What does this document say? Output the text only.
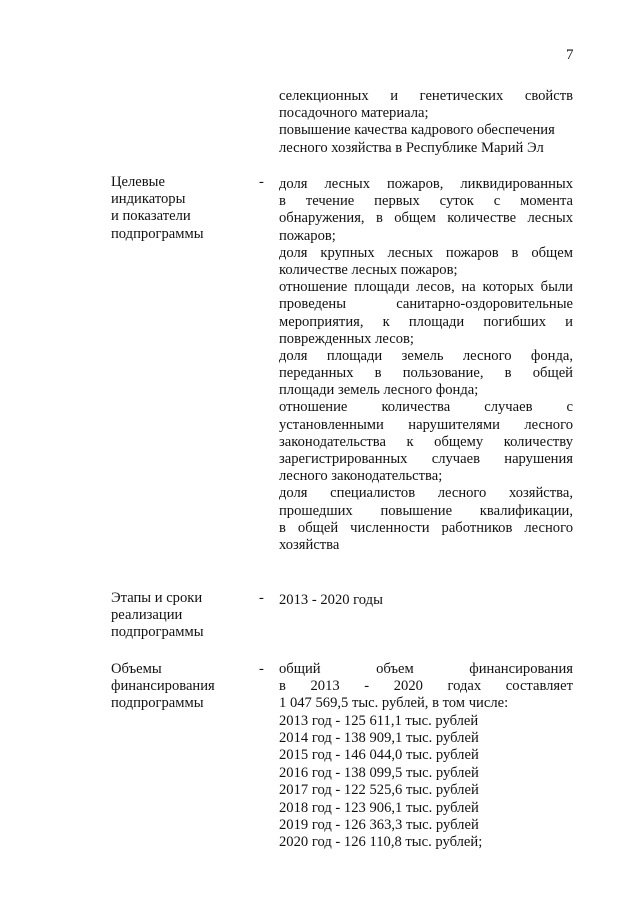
7
селекционных и генетических свойств
посадочного материала;
повышение качества кадрового обеспечения
лесного хозяйства в Республике Марий Эл
Целевые
индикаторы
и показатели
подпрограммы
- доля лесных пожаров, ликвидированных
в течение первых суток с момента
обнаружения, в общем количестве лесных
пожаров;
доля крупных лесных пожаров в общем
количестве лесных пожаров;
отношение площади лесов, на которых были
проведены санитарно-оздоровительные
мероприятия, к площади погибших и
поврежденных лесов;
доля площади земель лесного фонда,
переданных в пользование, в общей
площади земель лесного фонда;
отношение количества случаев с
установленными нарушителями лесного
законодательства к общему количеству
зарегистрированных случаев нарушения
лесного законодательства;
доля специалистов лесного хозяйства,
прошедших повышение квалификации,
в общей численности работников лесного
хозяйства
Этапы и сроки
реализации
подпрограммы
- 2013 - 2020 годы
Объемы
финансирования
подпрограммы
- общий объем финансирования
в 2013 - 2020 годах составляет
1 047 569,5 тыс. рублей, в том числе:
2013 год - 125 611,1 тыс. рублей
2014 год - 138 909,1 тыс. рублей
2015 год - 146 044,0 тыс. рублей
2016 год - 138 099,5 тыс. рублей
2017 год - 122 525,6 тыс. рублей
2018 год - 123 906,1 тыс. рублей
2019 год - 126 363,3 тыс. рублей
2020 год - 126 110,8 тыс. рублей;
